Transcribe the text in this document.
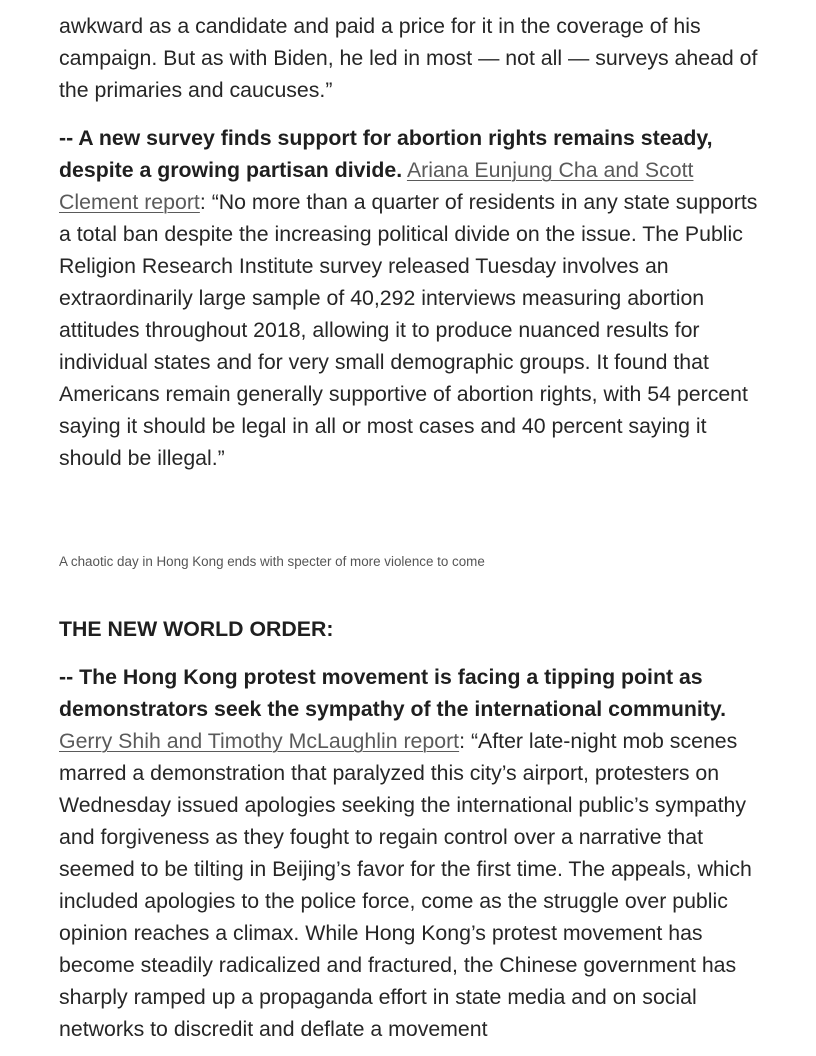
awkward as a candidate and paid a price for it in the coverage of his campaign. But as with Biden, he led in most — not all — surveys ahead of the primaries and caucuses.”

-- A new survey finds support for abortion rights remains steady, despite a growing partisan divide. Ariana Eunjung Cha and Scott Clement report: “No more than a quarter of residents in any state supports a total ban despite the increasing political divide on the issue. The Public Religion Research Institute survey released Tuesday involves an extraordinarily large sample of 40,292 interviews measuring abortion attitudes throughout 2018, allowing it to produce nuanced results for individual states and for very small demographic groups. It found that Americans remain generally supportive of abortion rights, with 54 percent saying it should be legal in all or most cases and 40 percent saying it should be illegal.”

A chaotic day in Hong Kong ends with specter of more violence to come

THE NEW WORLD ORDER:

-- The Hong Kong protest movement is facing a tipping point as demonstrators seek the sympathy of the international community. Gerry Shih and Timothy McLaughlin report: “After late-night mob scenes marred a demonstration that paralyzed this city’s airport, protesters on Wednesday issued apologies seeking the international public’s sympathy and forgiveness as they fought to regain control over a narrative that seemed to be tilting in Beijing’s favor for the first time. The appeals, which included apologies to the police force, come as the struggle over public opinion reaches a climax. While Hong Kong’s protest movement has become steadily radicalized and fractured, the Chinese government has sharply ramped up a propaganda effort in state media and on social networks to discredit and deflate a movement
